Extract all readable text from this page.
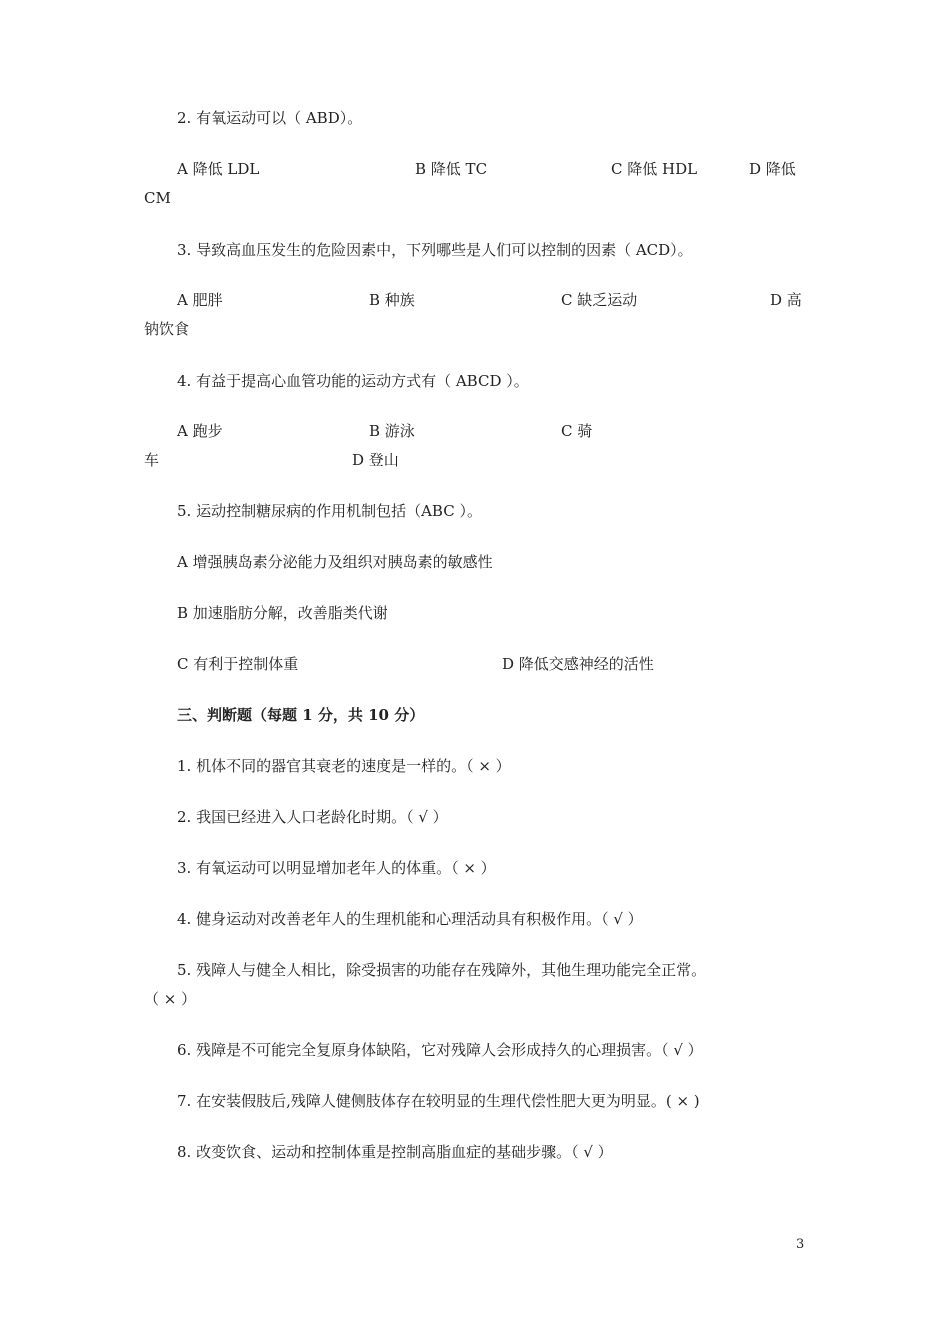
2. 有氧运动可以（ ABD）。
A 降低 LDL	B 降低 TC	C 降低 HDL	D 降低
CM
3. 导致高血压发生的危险因素中，下列哪些是人们可以控制的因素（ ACD）。
A 肥胖	B 种族	C 缺乏运动	D 高
钠饮食
4. 有益于提高心血管功能的运动方式有（ ABCD ）。
A 跑步	B 游泳	C 骑
车	D 登山
5. 运动控制糖尿病的作用机制包括（ABC ）。
A 增强胰岛素分泌能力及组织对胰岛素的敏感性
B 加速脂肪分解，改善脂类代谢
C 有利于控制体重	D 降低交感神经的活性
三、判断题（每题 1 分，共 10 分）
1. 机体不同的器官其衰老的速度是一样的。（ × ）
2. 我国已经进入人口老龄化时期。（ √ ）
3. 有氧运动可以明显增加老年人的体重。（ × ）
4. 健身运动对改善老年人的生理机能和心理活动具有积极作用。（ √ ）
5. 残障人与健全人相比，除受损害的功能存在残障外，其他生理功能完全正常。
（ × ）
6. 残障是不可能完全复原身体缺陷，它对残障人会形成持久的心理损害。（ √ ）
7. 在安装假肢后,残障人健侧肢体存在较明显的生理代偿性肥大更为明显。( × )
8. 改变饮食、运动和控制体重是控制高脂血症的基础步骤。（ √ ）
3
